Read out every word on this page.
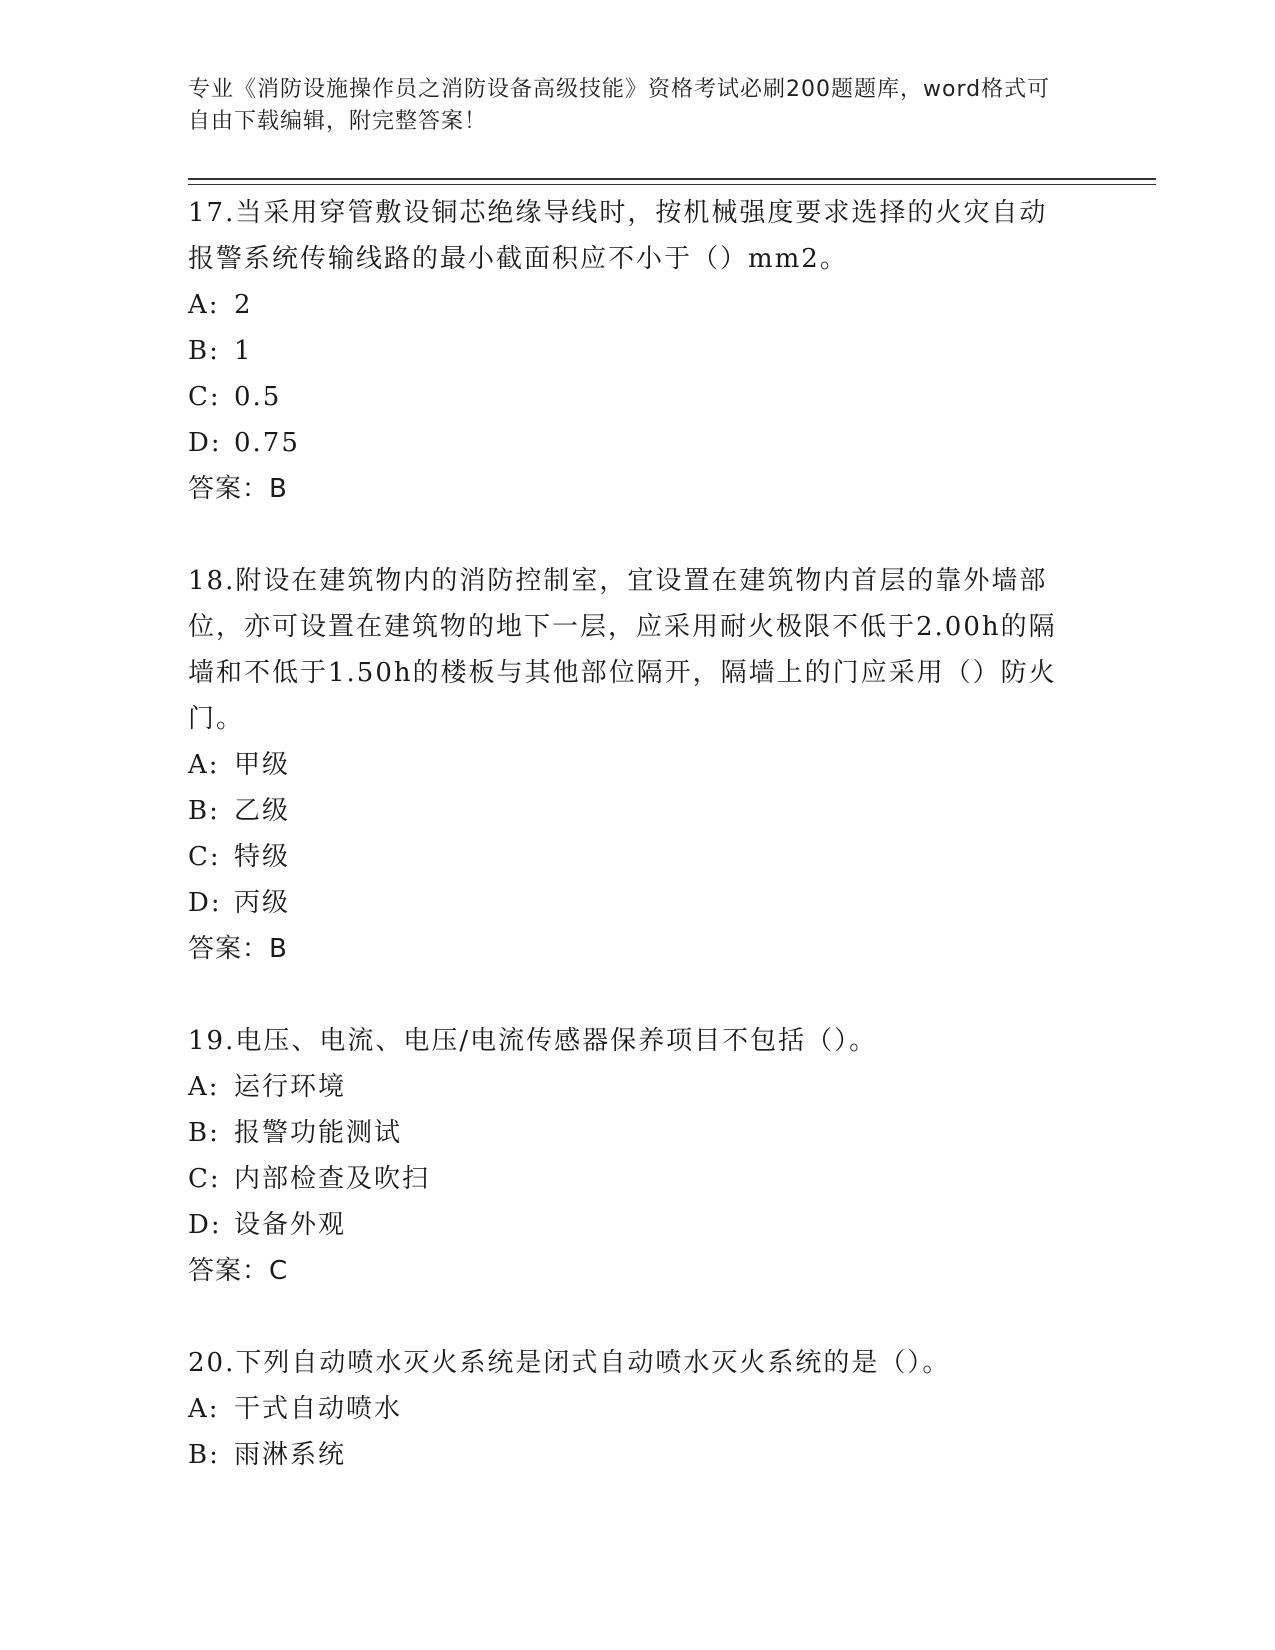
专业《消防设施操作员之消防设备高级技能》资格考试必刷200题题库，word格式可自由下载编辑，附完整答案！
17.当采用穿管敷设铜芯绝缘导线时，按机械强度要求选择的火灾自动报警系统传输线路的最小截面积应不小于（）mm2。
A: 2
B: 1
C: 0.5
D: 0.75
答案：B
18.附设在建筑物内的消防控制室，宜设置在建筑物内首层的靠外墙部位，亦可设置在建筑物的地下一层，应采用耐火极限不低于2.00h的隔墙和不低于1.50h的楼板与其他部位隔开，隔墙上的门应采用（）防火门。
A: 甲级
B: 乙级
C: 特级
D: 丙级
答案：B
19.电压、电流、电压/电流传感器保养项目不包括（）。
A: 运行环境
B: 报警功能测试
C: 内部检查及吹扫
D: 设备外观
答案：C
20.下列自动喷水灭火系统是闭式自动喷水灭火系统的是（）。
A: 干式自动喷水
B: 雨淋系统
